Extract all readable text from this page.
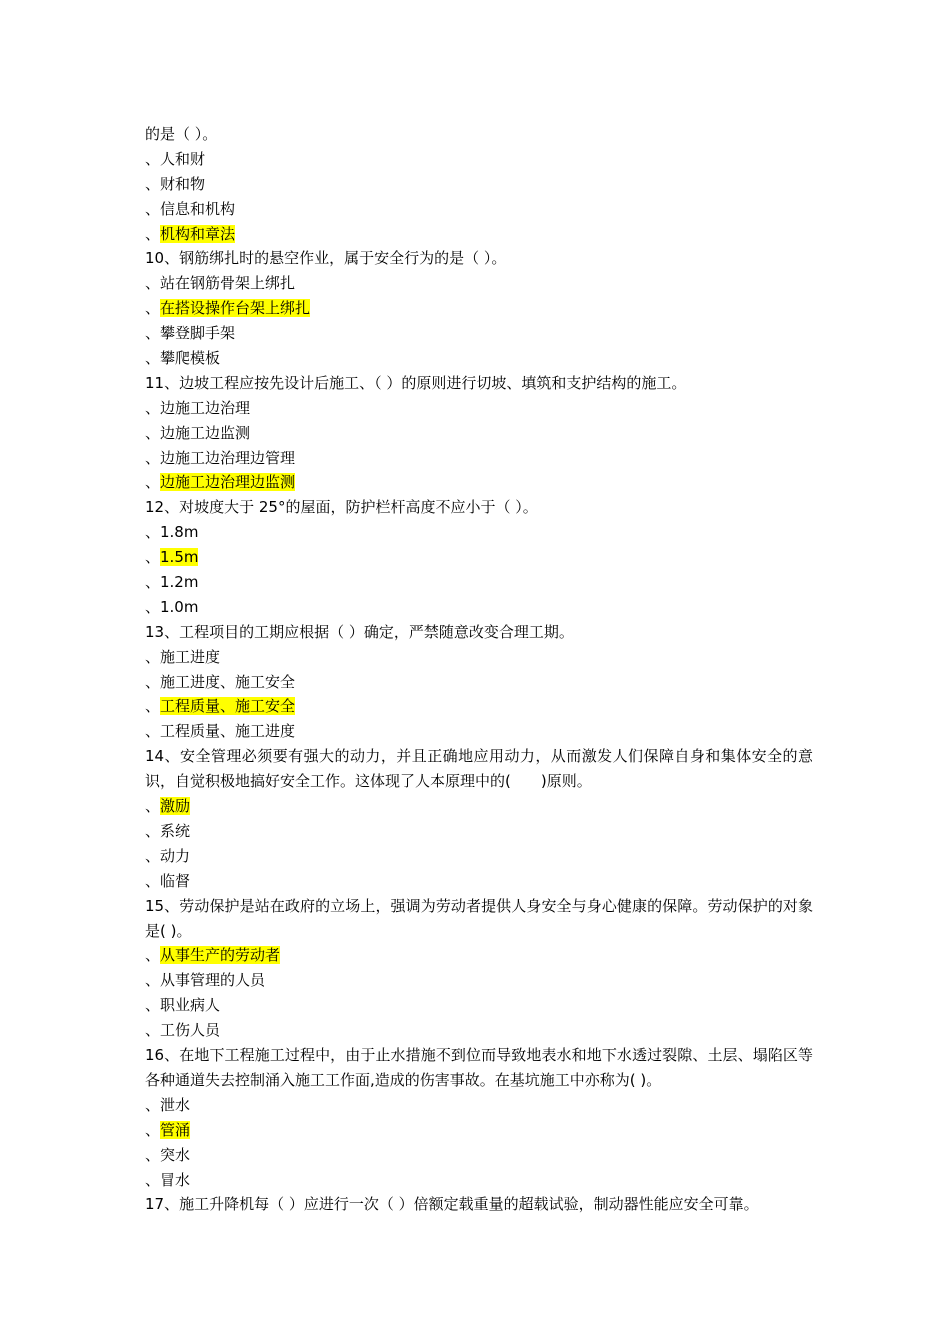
的是（ ）。
、人和财
、财和物
、信息和机构
、机构和章法
10、钢筋绑扎时的悬空作业，属于安全行为的是（ ）。
、站在钢筋骨架上绑扎
、在搭设操作台架上绑扎
、攀登脚手架
、攀爬模板
11、边坡工程应按先设计后施工、（ ）的原则进行切坡、填筑和支护结构的施工。
、边施工边治理
、边施工边监测
、边施工边治理边管理
、边施工边治理边监测
12、对坡度大于 25°的屋面，防护栏杆高度不应小于（ ）。
、1.8m
、1.5m
、1.2m
、1.0m
13、工程项目的工期应根据（ ）确定，严禁随意改变合理工期。
、施工进度
、施工进度、施工安全
、工程质量、施工安全
、工程质量、施工进度
14、安全管理必须要有强大的动力，并且正确地应用动力，从而激发人们保障自身和集体安全的意识，自觉积极地搞好安全工作。这体现了人本原理中的(　　)原则。
、激励
、系统
、动力
、临督
15、劳动保护是站在政府的立场上，强调为劳动者提供人身安全与身心健康的保障。劳动保护的对象是( )。
、从事生产的劳动者
、从事管理的人员
、职业病人
、工伤人员
16、在地下工程施工过程中，由于止水措施不到位而导致地表水和地下水透过裂隙、土层、塌陷区等各种通道失去控制涌入施工工作面,造成的伤害事故。在基坑施工中亦称为( )。
、泄水
、管涌
、突水
、冒水
17、施工升降机每（ ）应进行一次（ ）倍额定载重量的超载试验，制动器性能应安全可靠。
